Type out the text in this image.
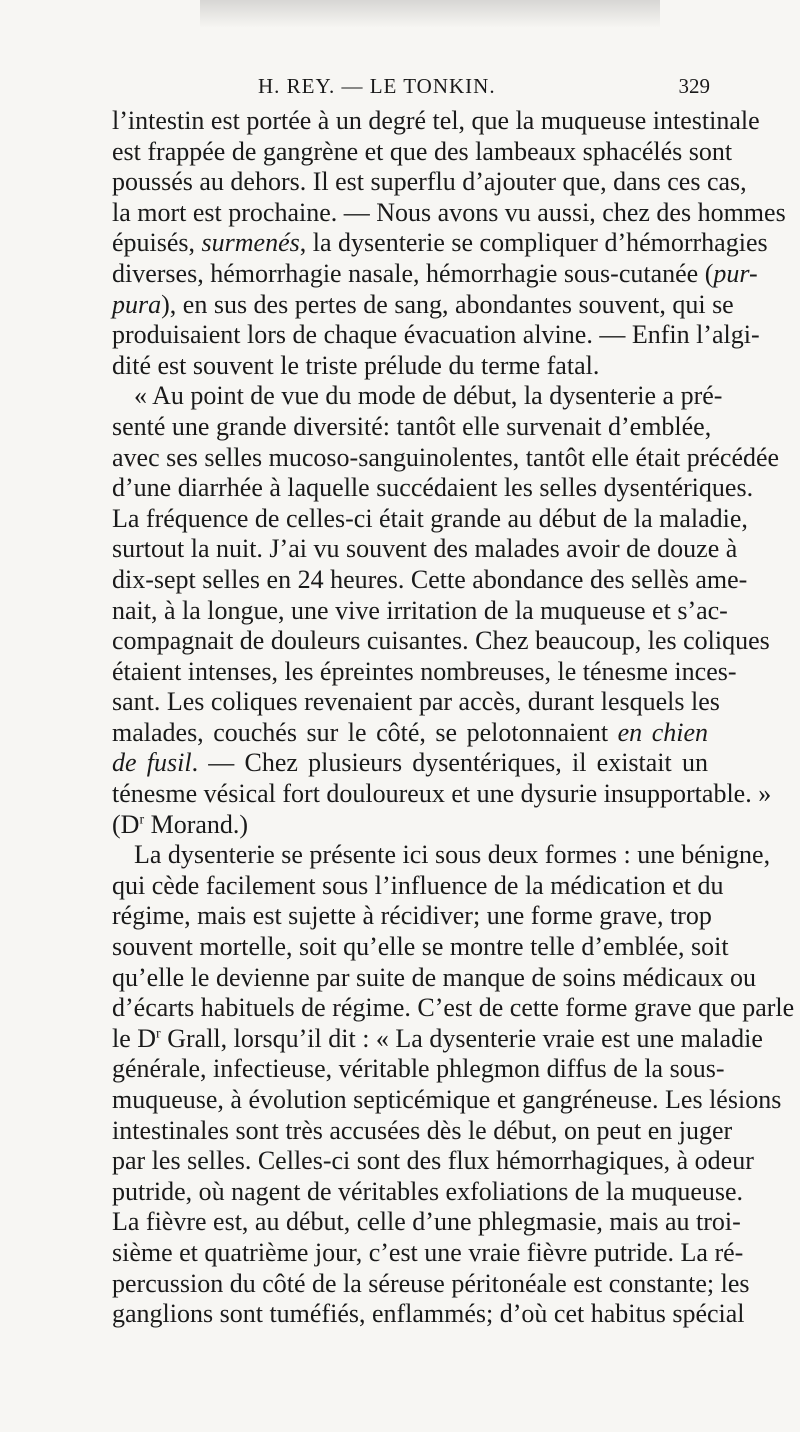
H. REY. — LE TONKIN.	329
l’intestin est portée à un degré tel, que la muqueuse intestinale
est frappée de gangrène et que des lambeaux sphacélés sont
poussés au dehors. Il est superflu d’ajouter que, dans ces cas,
la mort est prochaine. — Nous avons vu aussi, chez des hommes
épuisés, surmenés, la dysenterie se compliquer d’hémorrhagies
diverses, hémorrhagie nasale, hémorrhagie sous-cutanée (pur-
pura), en sus des pertes de sang, abondantes souvent, qui se
produisaient lors de chaque évacuation alvine. — Enfin l’algi-
dité est souvent le triste prélude du terme fatal.
« Au point de vue du mode de début, la dysenterie a pré-
senté une grande diversité: tantôt elle survenait d’emblée,
avec ses selles mucoso-sanguinolentes, tantôt elle était précédée
d’une diarrhée à laquelle succédaient les selles dysentériques.
La fréquence de celles-ci était grande au début de la maladie,
surtout la nuit. J’ai vu souvent des malades avoir de douze à
dix-sept selles en 24 heures. Cette abondance des sellès ame-
nait, à la longue, une vive irritation de la muqueuse et s’ac-
compagnait de douleurs cuisantes. Chez beaucoup, les coliques
étaient intenses, les épreintes nombreuses, le ténesme inces-
sant. Les coliques revenaient par accès, durant lesquels les
malades, couchés sur le côté, se pelotonnaient en chien
de fusil. — Chez plusieurs dysentériques, il existait un
ténesme vésical fort douloureux et une dysurie insupportable. »
($D^r$ Morand.)
La dysenterie se présente ici sous deux formes : une bénigne,
qui cède facilement sous l’influence de la médication et du
régime, mais est sujette à récidiver; une forme grave, trop
souvent mortelle, soit qu’elle se montre telle d’emblée, soit
qu’elle le devienne par suite de manque de soins médicaux ou
d’écarts habituels de régime. C’est de cette forme grave que parle
le $D^r$ Grall, lorsqu’il dit : « La dysenterie vraie est une maladie
générale, infectieuse, véritable phlegmon diffus de la sous-
muqueuse, à évolution septicémique et gangréneuse. Les lésions
intestinales sont très accusées dès le début, on peut en juger
par les selles. Celles-ci sont des flux hémorrhagiques, à odeur
putride, où nagent de véritables exfoliations de la muqueuse.
La fièvre est, au début, celle d’une phlegmasie, mais au troi-
sième et quatrième jour, c’est une vraie fièvre putride. La ré-
percussion du côté de la séreuse péritonéale est constante; les
ganglions sont tuméfiés, enflammés; d’où cet habitus spécial
